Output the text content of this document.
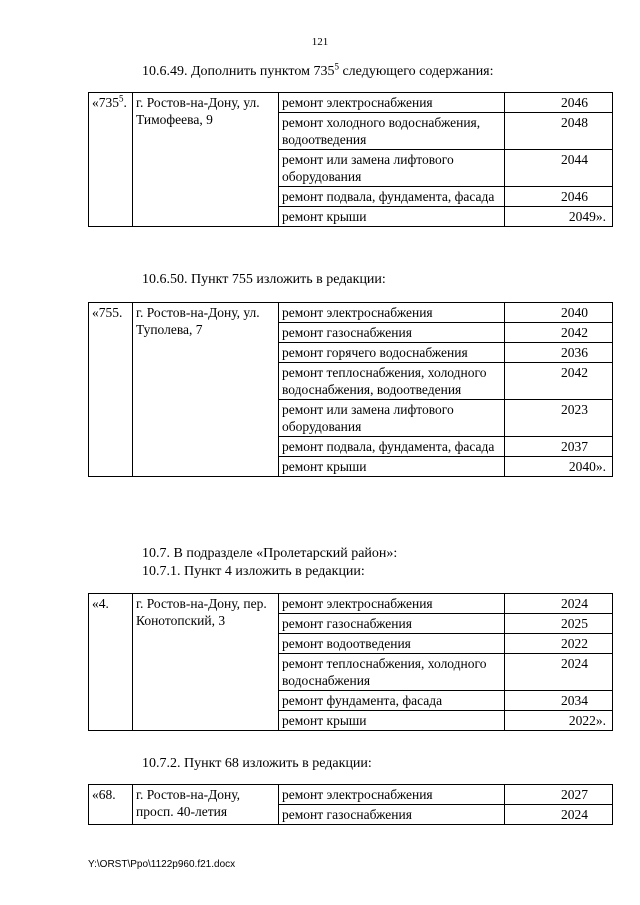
121
10.6.49. Дополнить пунктом $735^5$ следующего содержания:
«$735^5$.	г. Ростов-на-Дону, ул. Тимофеева, 9	ремонт электроснабжения	2046
		ремонт холодного водоснабжения, водоотведения	2048
		ремонт или замена лифтового оборудования	2044
		ремонт подвала, фундамента, фасада	2046
		ремонт крыши	2049».
10.6.50. Пункт 755 изложить в редакции:
«755.	г. Ростов-на-Дону, ул. Туполева, 7	ремонт электроснабжения	2040
		ремонт газоснабжения	2042
		ремонт горячего водоснабжения	2036
		ремонт теплоснабжения, холодного водоснабжения, водоотведения	2042
		ремонт или замена лифтового оборудования	2023
		ремонт подвала, фундамента, фасада	2037
		ремонт крыши	2040».
10.7. В подразделе «Пролетарский район»:
10.7.1. Пункт 4 изложить в редакции:
«4.	г. Ростов-на-Дону, пер. Конотопский, 3	ремонт электроснабжения	2024
		ремонт газоснабжения	2025
		ремонт водоотведения	2022
		ремонт теплоснабжения, холодного водоснабжения	2024
		ремонт фундамента, фасада	2034
		ремонт крыши	2022».
10.7.2. Пункт 68 изложить в редакции:
«68.	г. Ростов-на-Дону, просп. 40-летия	ремонт электроснабжения	2027
		ремонт газоснабжения	2024
Y:\ORST\Ppo\1122p960.f21.docx
